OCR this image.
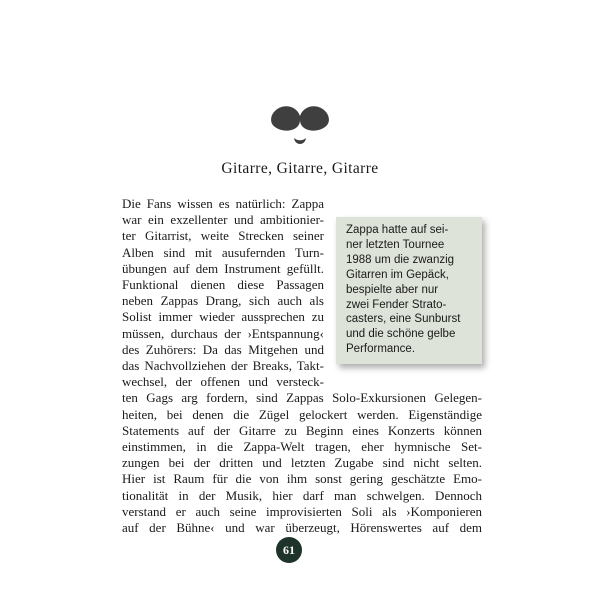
Gitarre, Gitarre, Gitarre
Die Fans wissen es natürlich: Zappa
war ein exzellenter und ambitionier-
ter Gitarrist, weite Strecken seiner
Alben sind mit ausufernden Turn-
übungen auf dem Instrument gefüllt.
Funktional dienen diese Passagen
neben Zappas Drang, sich auch als
Solist immer wieder aussprechen zu
müssen, durchaus der ›Entspannung‹
des Zuhörers: Da das Mitgehen und
das Nachvollziehen der Breaks, Takt-
wechsel, der offenen und versteck-
ten Gags arg fordern, sind Zappas Solo-Exkursionen Gelegen-
heiten, bei denen die Zügel gelockert werden. Eigenständige
Statements auf der Gitarre zu Beginn eines Konzerts können
einstimmen, in die Zappa-Welt tragen, eher hymnische Set-
zungen bei der dritten und letzten Zugabe sind nicht selten.
Hier ist Raum für die von ihm sonst gering geschätzte Emo-
tionalität in der Musik, hier darf man schwelgen. Dennoch
verstand er auch seine improvisierten Soli als ›Komponieren
auf der Bühne‹ und war überzeugt, Hörenswertes auf dem
Zappa hatte auf sei-
ner letzten Tournee
1988 um die zwanzig
Gitarren im Gepäck,
bespielte aber nur
zwei Fender Strato-
casters, eine Sunburst
und die schöne gelbe
Performance.
61
